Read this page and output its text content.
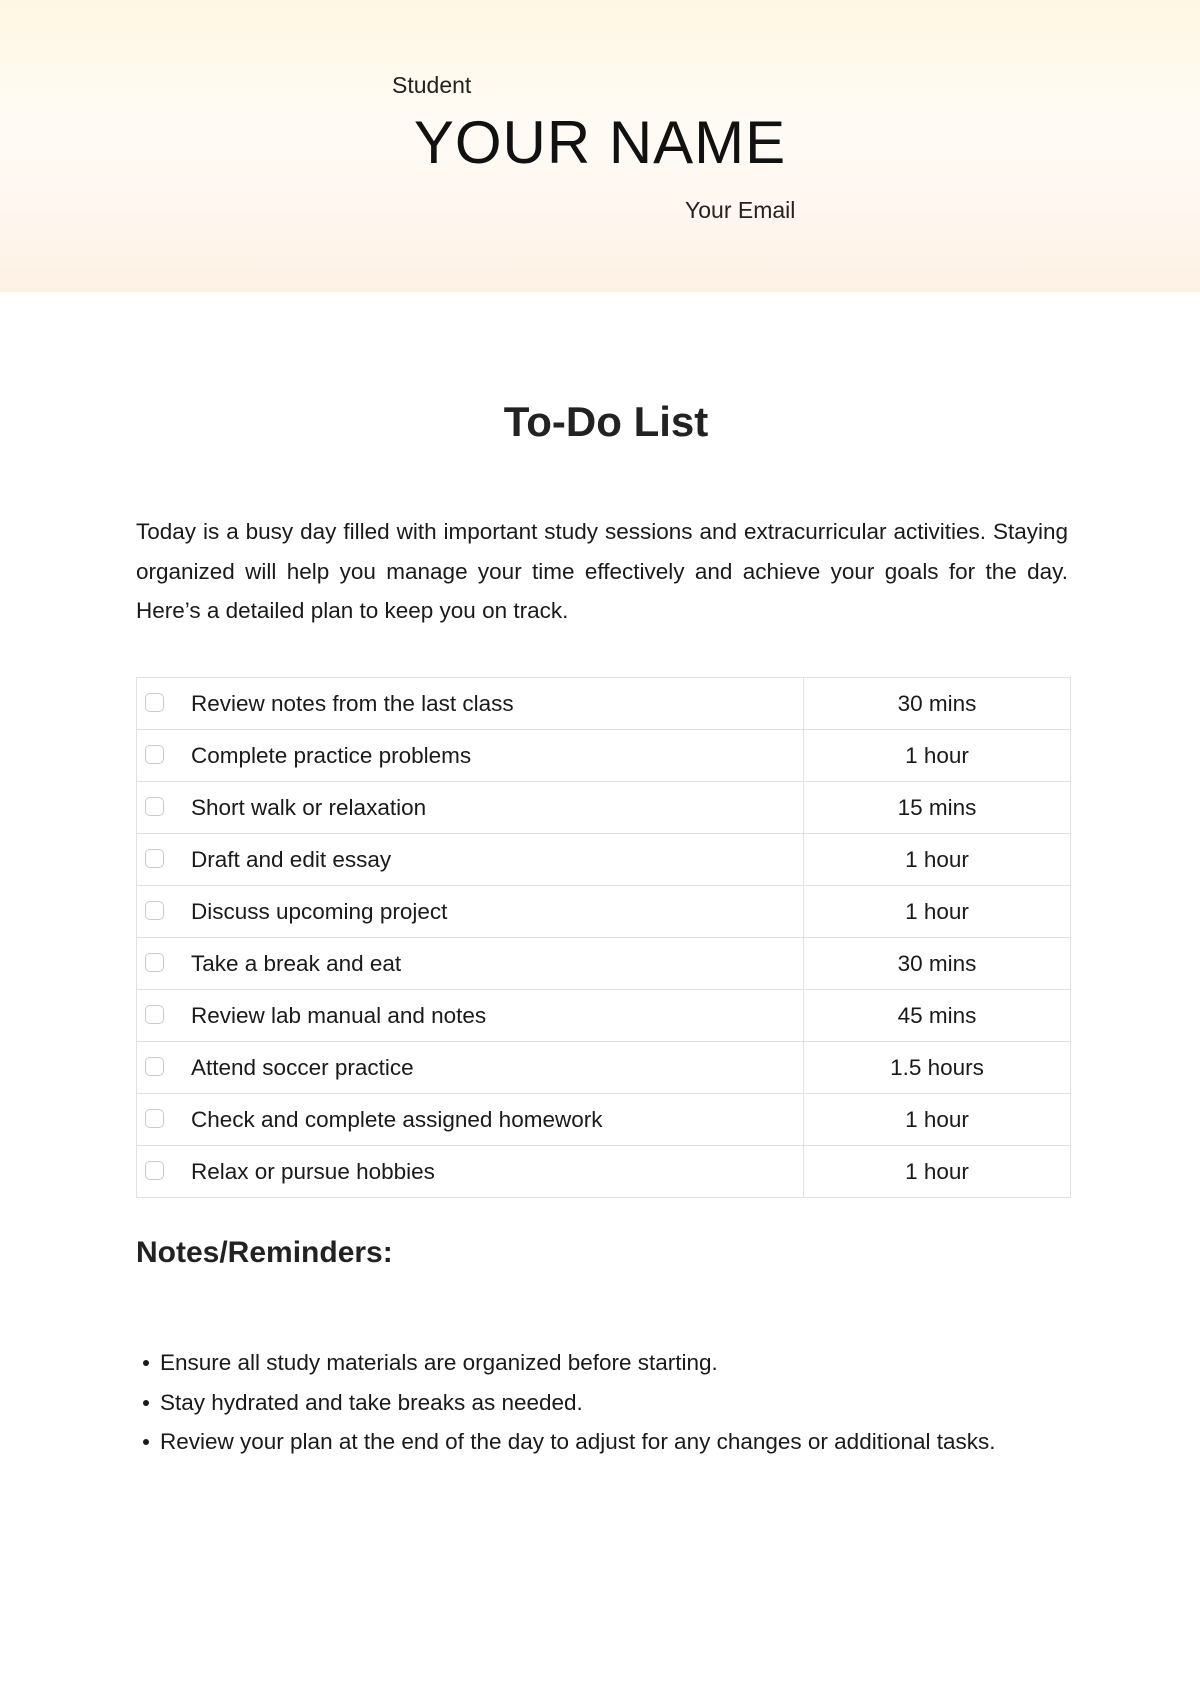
Student
YOUR NAME
Your Email
To-Do List

Today is a busy day filled with important study sessions and extracurricular activities. Staying organized will help you manage your time effectively and achieve your goals for the day. Here’s a detailed plan to keep you on track.

Review notes from the last class	30 mins

Complete practice problems	1 hour

Short walk or relaxation	15 mins

Draft and edit essay	1 hour

Discuss upcoming project	1 hour

Take a break and eat	30 mins

Review lab manual and notes	45 mins

Attend soccer practice	1.5 hours

Check and complete assigned homework	1 hour

Relax or pursue hobbies	1 hour
Notes/Reminders:
Ensure all study materials are organized before starting.
Stay hydrated and take breaks as needed.
Review your plan at the end of the day to adjust for any changes or additional tasks.
